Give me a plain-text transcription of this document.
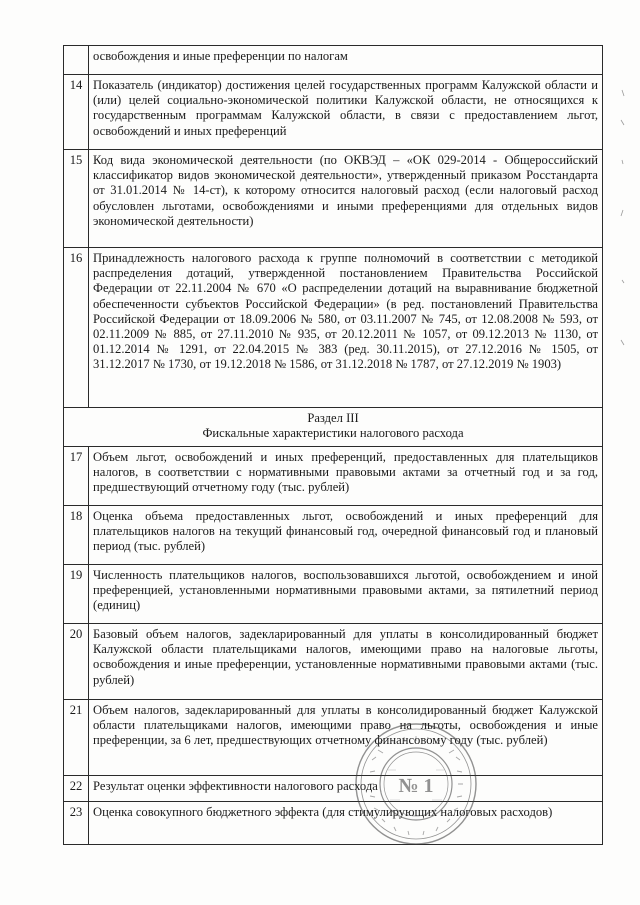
	освобождения и иные преференции по налогам
14	Показатель (индикатор) достижения целей государственных программ Калужской области и (или) целей социально-экономической политики Калужской области, не относящихся к государственным программам Калужской области, в связи с предоставлением льгот, освобождений и иных преференций
15	Код вида экономической деятельности (по ОКВЭД – «ОК 029-2014 - Общероссийский классификатор видов экономической деятельности», утвержденный приказом Росстандарта от 31.01.2014 № 14-ст), к которому относится налоговый расход (если налоговый расход обусловлен льготами, освобождениями и иными преференциями для отдельных видов экономической деятельности)
16	Принадлежность налогового расхода к группе полномочий в соответствии с методикой распределения дотаций, утвержденной постановлением Правительства Российской Федерации от 22.11.2004 № 670 «О распределении дотаций на выравнивание бюджетной обеспеченности субъектов Российской Федерации» (в ред. постановлений Правительства Российской Федерации от 18.09.2006 № 580, от 03.11.2007 № 745, от 12.08.2008 № 593, от 02.11.2009 № 885, от 27.11.2010 № 935, от 20.12.2011 № 1057, от 09.12.2013 № 1130, от 01.12.2014 № 1291, от 22.04.2015 № 383 (ред. 30.11.2015), от 27.12.2016 № 1505, от 31.12.2017 № 1730, от 19.12.2018 № 1586, от 31.12.2018 № 1787, от 27.12.2019 № 1903)

Раздел III
Фискальные характеристики налогового расхода	

17	Объем льгот, освобождений и иных преференций, предоставленных для плательщиков налогов, в соответствии с нормативными правовыми актами за отчетный год и за год, предшествующий отчетному году (тыс. рублей)
18	Оценка объема предоставленных льгот, освобождений и иных преференций для плательщиков налогов на текущий финансовый год, очередной финансовый год и плановый период (тыс. рублей)
19	Численность плательщиков налогов, воспользовавшихся льготой, освобождением и иной преференцией, установленными нормативными правовыми актами, за пятилетний период (единиц)
20	Базовый объем налогов, задекларированный для уплаты в консолидированный бюджет Калужской области плательщиками налогов, имеющими право на налоговые льготы, освобождения и иные преференции, установленные нормативными правовыми актами (тыс. рублей)
21	Объем налогов, задекларированный для уплаты в консолидированный бюджет Калужской области плательщиками налогов, имеющими право на льготы, освобождения и иные преференции, за 6 лет, предшествующих отчетному финансовому году (тыс. рублей)
22	Результат оценки эффективности налогового расхода
23	Оценка совокупного бюджетного эффекта (для стимулирующих налоговых расходов)
№ 1
